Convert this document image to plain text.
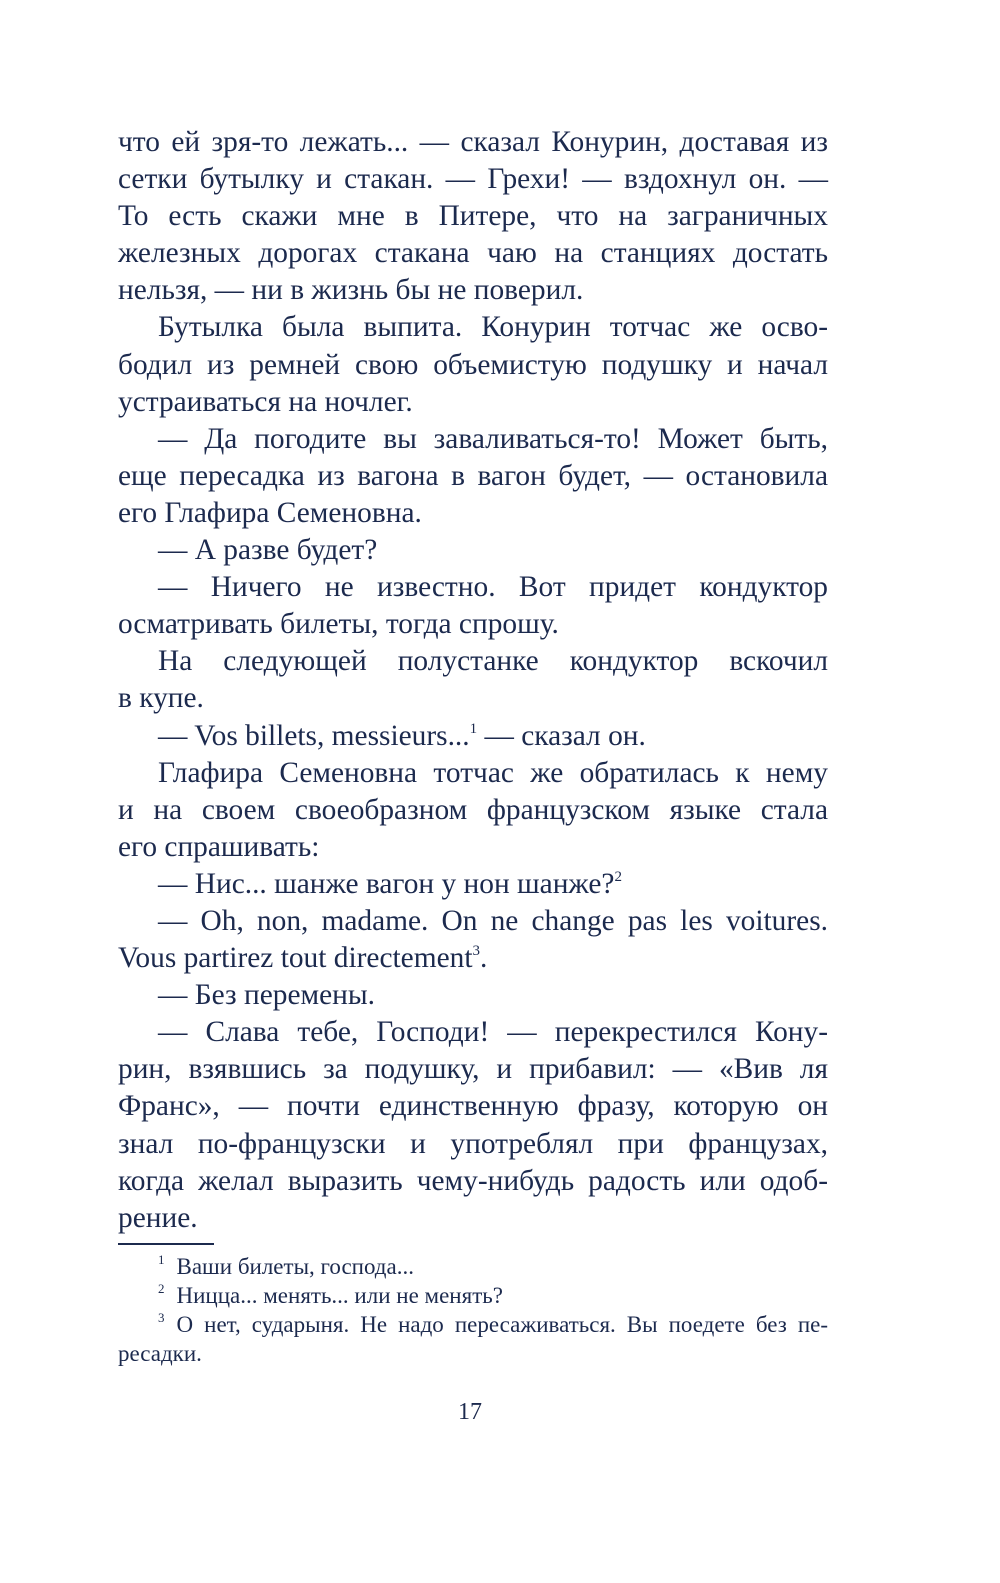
что ей зря-то лежать... — сказал Конурин, доставая из
сетки бутылку и стакан. — Грехи! — вздохнул он. —
То есть скажи мне в Питере, что на заграничных
железных дорогах стакана чаю на станциях достать
нельзя, — ни в жизнь бы не поверил.
Бутылка была выпита. Конурин тотчас же осво-
бодил из ремней свою объемистую подушку и начал
устраиваться на ночлег.
— Да погодите вы заваливаться-то! Может быть,
еще пересадка из вагона в вагон будет, — остановила
его Глафира Семеновна.
— А разве будет?
— Ничего не известно. Вот придет кондуктор
осматривать билеты, тогда спрошу.
На следующей полустанке кондуктор вскочил
в купе.
— Vos billets, messieurs...$^1$ — сказал он.
Глафира Семеновна тотчас же обратилась к нему
и на своем своеобразном французском языке стала
его спрашивать:
— Нис... шанже вагон у нон шанже?$^2$
— Oh, non, madame. On ne change pas les voitures.
Vous partirez tout directement$^3$.
— Без перемены.
— Слава тебе, Господи! — перекрестился Кону-
рин, взявшись за подушку, и прибавил: — «Вив ля
Франс», — почти единственную фразу, которую он
знал по-французски и употреблял при французах,
когда желал выразить чему-нибудь радость или одоб-
рение.
$^1$ Ваши билеты, господа...
$^2$ Ницца... менять... или не менять?
$^3$ О нет, сударыня. Не надо пересаживаться. Вы поедете без пе-
ресадки.
17
